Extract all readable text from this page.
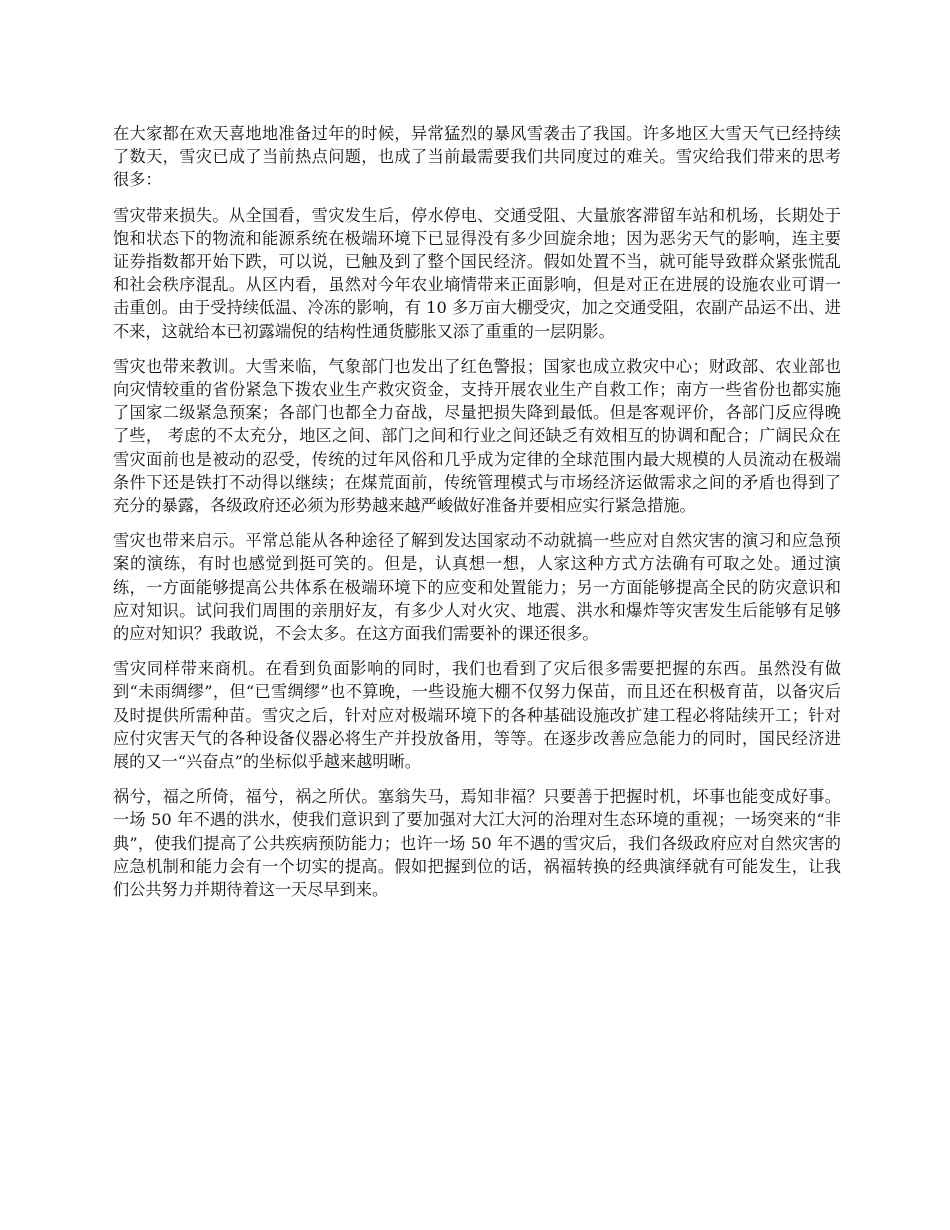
在大家都在欢天喜地地准备过年的时候，异常猛烈的暴风雪袭击了我国。许多地区大雪天气已经持续了数天，雪灾已成了当前热点问题，也成了当前最需要我们共同度过的难关。雪灾给我们带来的思考很多：

雪灾带来损失。从全国看，雪灾发生后，停水停电、交通受阻、大量旅客滞留车站和机场，长期处于饱和状态下的物流和能源系统在极端环境下已显得没有多少回旋余地；因为恶劣天气的影响，连主要证券指数都开始下跌，可以说，已触及到了整个国民经济。假如处置不当，就可能导致群众紧张慌乱和社会秩序混乱。从区内看，虽然对今年农业墒情带来正面影响，但是对正在进展的设施农业可谓一击重创。由于受持续低温、冷冻的影响，有 10 多万亩大棚受灾，加之交通受阻，农副产品运不出、进不来，这就给本已初露端倪的结构性通货膨胀又添了重重的一层阴影。

雪灾也带来教训。大雪来临，气象部门也发出了红色警报；国家也成立救灾中心；财政部、农业部也向灾情较重的省份紧急下拨农业生产救灾资金，支持开展农业生产自救工作；南方一些省份也都实施了国家二级紧急预案；各部门也都全力奋战，尽量把损失降到最低。但是客观评价，各部门反应得晚了些， 考虑的不太充分，地区之间、部门之间和行业之间还缺乏有效相互的协调和配合；广阔民众在雪灾面前也是被动的忍受，传统的过年风俗和几乎成为定律的全球范围内最大规模的人员流动在极端条件下还是铁打不动得以继续；在煤荒面前，传统管理模式与市场经济运做需求之间的矛盾也得到了充分的暴露，各级政府还必须为形势越来越严峻做好准备并要相应实行紧急措施。

雪灾也带来启示。平常总能从各种途径了解到发达国家动不动就搞一些应对自然灾害的演习和应急预案的演练，有时也感觉到挺可笑的。但是，认真想一想，人家这种方式方法确有可取之处。通过演练，一方面能够提高公共体系在极端环境下的应变和处置能力；另一方面能够提高全民的防灾意识和应对知识。试问我们周围的亲朋好友，有多少人对火灾、地震、洪水和爆炸等灾害发生后能够有足够的应对知识？我敢说，不会太多。在这方面我们需要补的课还很多。

雪灾同样带来商机。在看到负面影响的同时，我们也看到了灾后很多需要把握的东西。虽然没有做到“未雨绸缪”，但“已雪绸缪”也不算晚，一些设施大棚不仅努力保苗，而且还在积极育苗，以备灾后及时提供所需种苗。雪灾之后，针对应对极端环境下的各种基础设施改扩建工程必将陆续开工；针对应付灾害天气的各种设备仪器必将生产并投放备用，等等。在逐步改善应急能力的同时，国民经济进展的又一“兴奋点”的坐标似乎越来越明晰。

祸兮，福之所倚，福兮，祸之所伏。塞翁失马，焉知非福？只要善于把握时机，坏事也能变成好事。一场 50 年不遇的洪水，使我们意识到了要加强对大江大河的治理对生态环境的重视；一场突来的“非典”，使我们提高了公共疾病预防能力；也许一场 50 年不遇的雪灾后，我们各级政府应对自然灾害的应急机制和能力会有一个切实的提高。假如把握到位的话，祸福转换的经典演绎就有可能发生，让我们公共努力并期待着这一天尽早到来。
